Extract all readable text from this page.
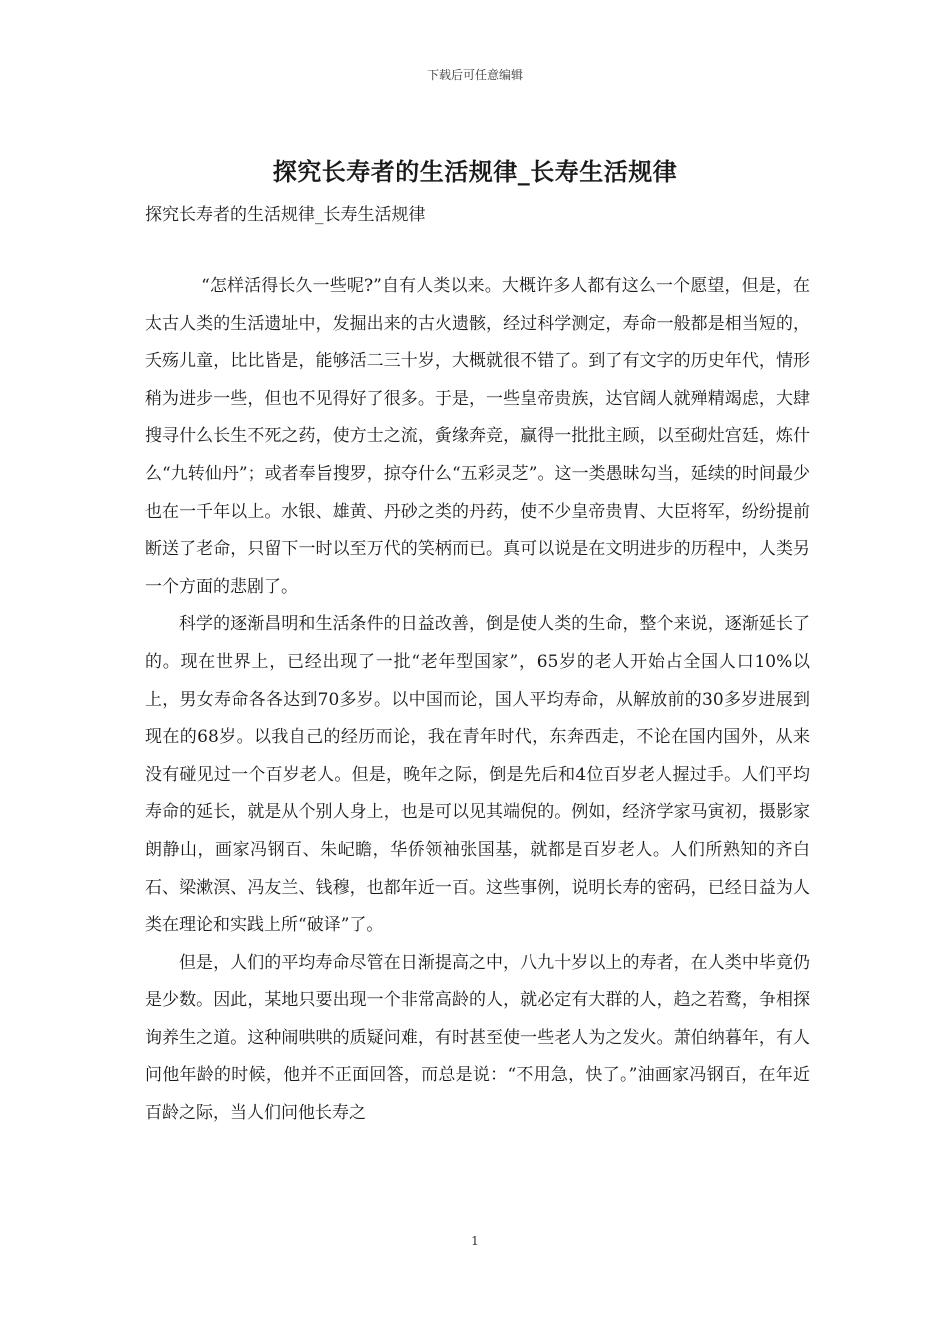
下载后可任意编辑
探究长寿者的生活规律_长寿生活规律
探究长寿者的生活规律_长寿生活规律

“怎样活得长久一些呢?”自有人类以来。大概许多人都有这么一个愿望，但是，在太古人类的生活遗址中，发掘出来的古火遗骸，经过科学测定，寿命一般都是相当短的，夭殇儿童，比比皆是，能够活二三十岁，大概就很不错了。到了有文字的历史年代，情形稍为进步一些，但也不见得好了很多。于是，一些皇帝贵族，达官阔人就殚精竭虑，大肆搜寻什么长生不死之药，使方士之流，夤缘奔竞，赢得一批批主顾，以至砌灶宫廷，炼什么“九转仙丹”；或者奉旨搜罗，掠夺什么“五彩灵芝”。这一类愚昧勾当，延续的时间最少也在一千年以上。水银、雄黄、丹砂之类的丹药，使不少皇帝贵胄、大臣将军，纷纷提前断送了老命，只留下一时以至万代的笑柄而已。真可以说是在文明进步的历程中，人类另一个方面的悲剧了。

科学的逐渐昌明和生活条件的日益改善，倒是使人类的生命，整个来说，逐渐延长了的。现在世界上，已经出现了一批“老年型国家”，65岁的老人开始占全国人口10%以上，男女寿命各各达到70多岁。以中国而论，国人平均寿命，从解放前的30多岁进展到现在的68岁。以我自己的经历而论，我在青年时代，东奔西走，不论在国内国外，从来没有碰见过一个百岁老人。但是，晚年之际，倒是先后和4位百岁老人握过手。人们平均寿命的延长，就是从个别人身上，也是可以见其端倪的。例如，经济学家马寅初，摄影家朗静山，画家冯钢百、朱屺瞻，华侨领袖张国基，就都是百岁老人。人们所熟知的齐白石、梁漱溟、冯友兰、钱穆，也都年近一百。这些事例，说明长寿的密码，已经日益为人类在理论和实践上所“破译”了。

但是，人们的平均寿命尽管在日渐提高之中，八九十岁以上的寿者，在人类中毕竟仍是少数。因此，某地只要出现一个非常高龄的人，就必定有大群的人，趋之若鹜，争相探询养生之道。这种闹哄哄的质疑问难，有时甚至使一些老人为之发火。萧伯纳暮年，有人问他年龄的时候，他并不正面回答，而总是说：“不用急，快了。”油画家冯钢百，在年近百龄之际，当人们问他长寿之

1
